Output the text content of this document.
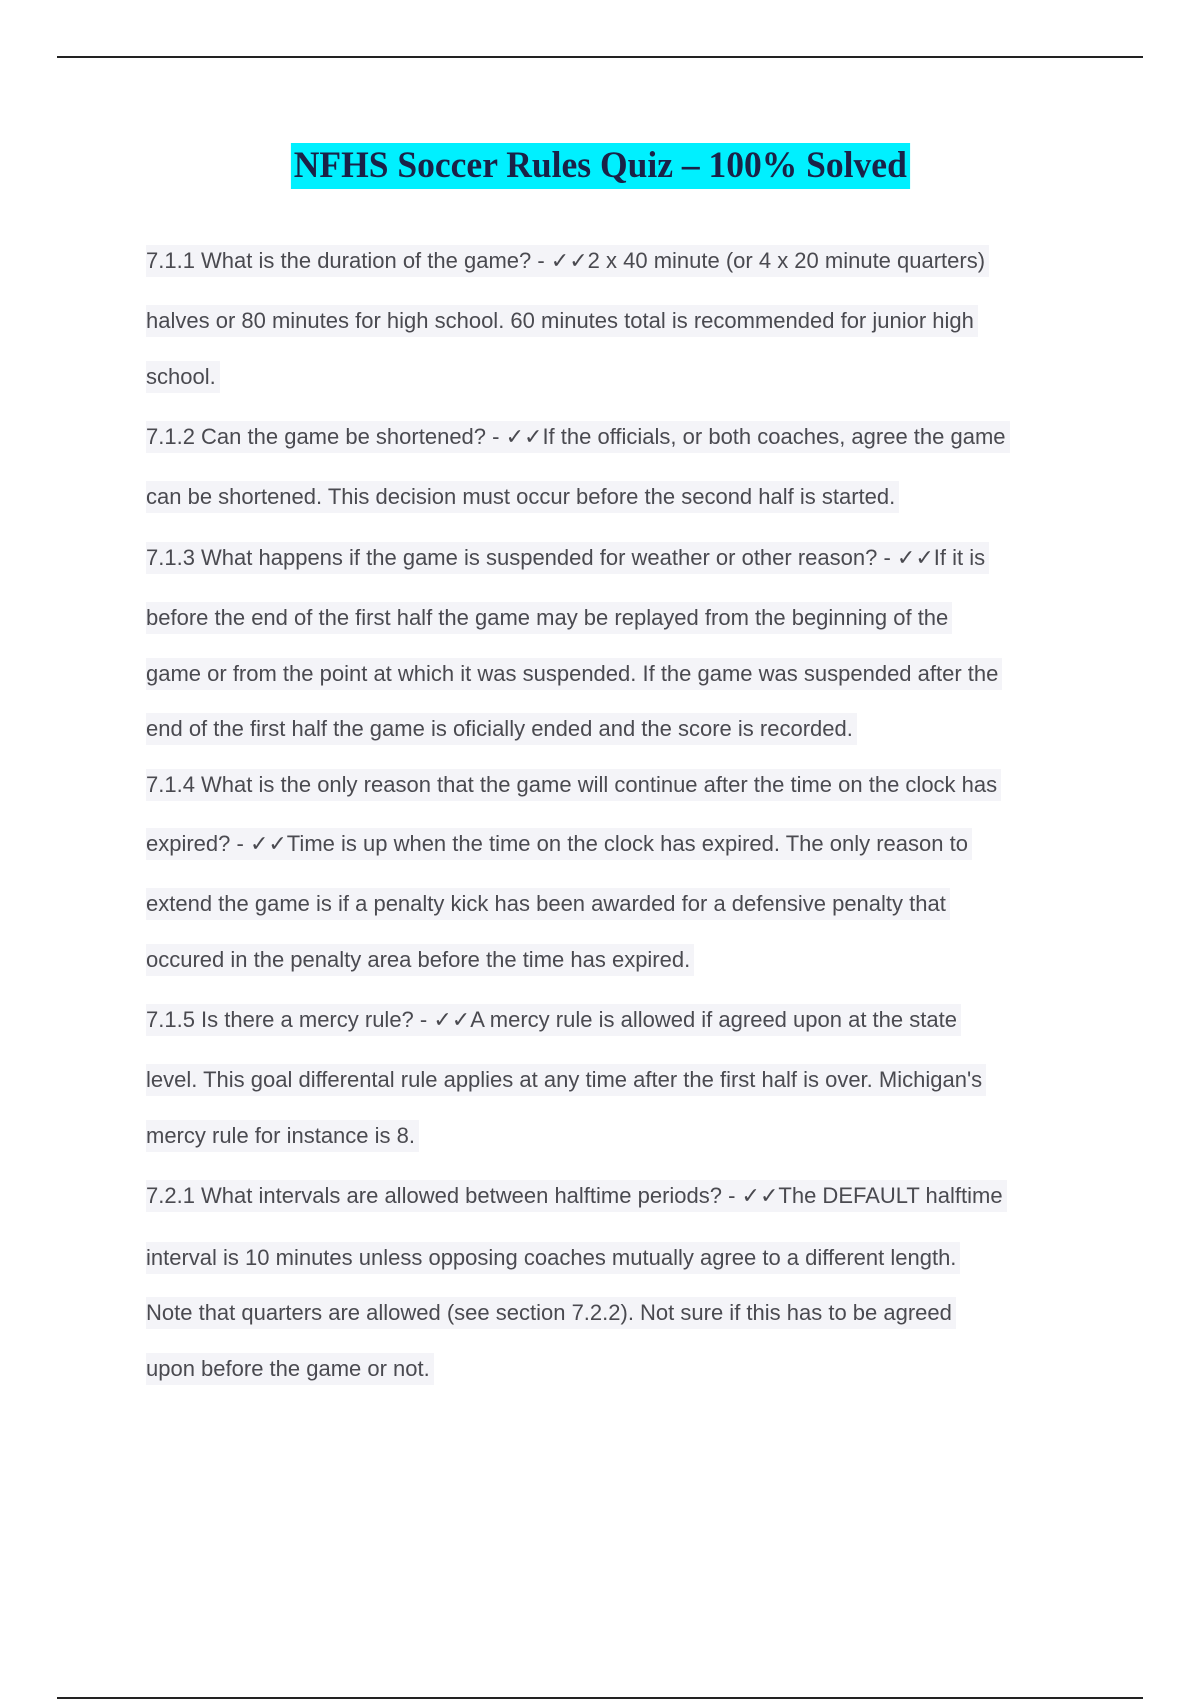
NFHS Soccer Rules Quiz – 100% Solved
7.1.1 What is the duration of the game? - ✓✓2 x 40 minute (or 4 x 20 minute quarters)
halves or 80 minutes for high school. 60 minutes total is recommended for junior high
school.
7.1.2 Can the game be shortened? - ✓✓If the officials, or both coaches, agree the game
can be shortened. This decision must occur before the second half is started.
7.1.3 What happens if the game is suspended for weather or other reason? - ✓✓If it is
before the end of the first half the game may be replayed from the beginning of the
game or from the point at which it was suspended. If the game was suspended after the
end of the first half the game is oficially ended and the score is recorded.
7.1.4 What is the only reason that the game will continue after the time on the clock has
expired? - ✓✓Time is up when the time on the clock has expired. The only reason to
extend the game is if a penalty kick has been awarded for a defensive penalty that
occured in the penalty area before the time has expired.
7.1.5 Is there a mercy rule? - ✓✓A mercy rule is allowed if agreed upon at the state
level. This goal differental rule applies at any time after the first half is over. Michigan's
mercy rule for instance is 8.
7.2.1 What intervals are allowed between halftime periods? - ✓✓The DEFAULT halftime
interval is 10 minutes unless opposing coaches mutually agree to a different length.
Note that quarters are allowed (see section 7.2.2). Not sure if this has to be agreed
upon before the game or not.
